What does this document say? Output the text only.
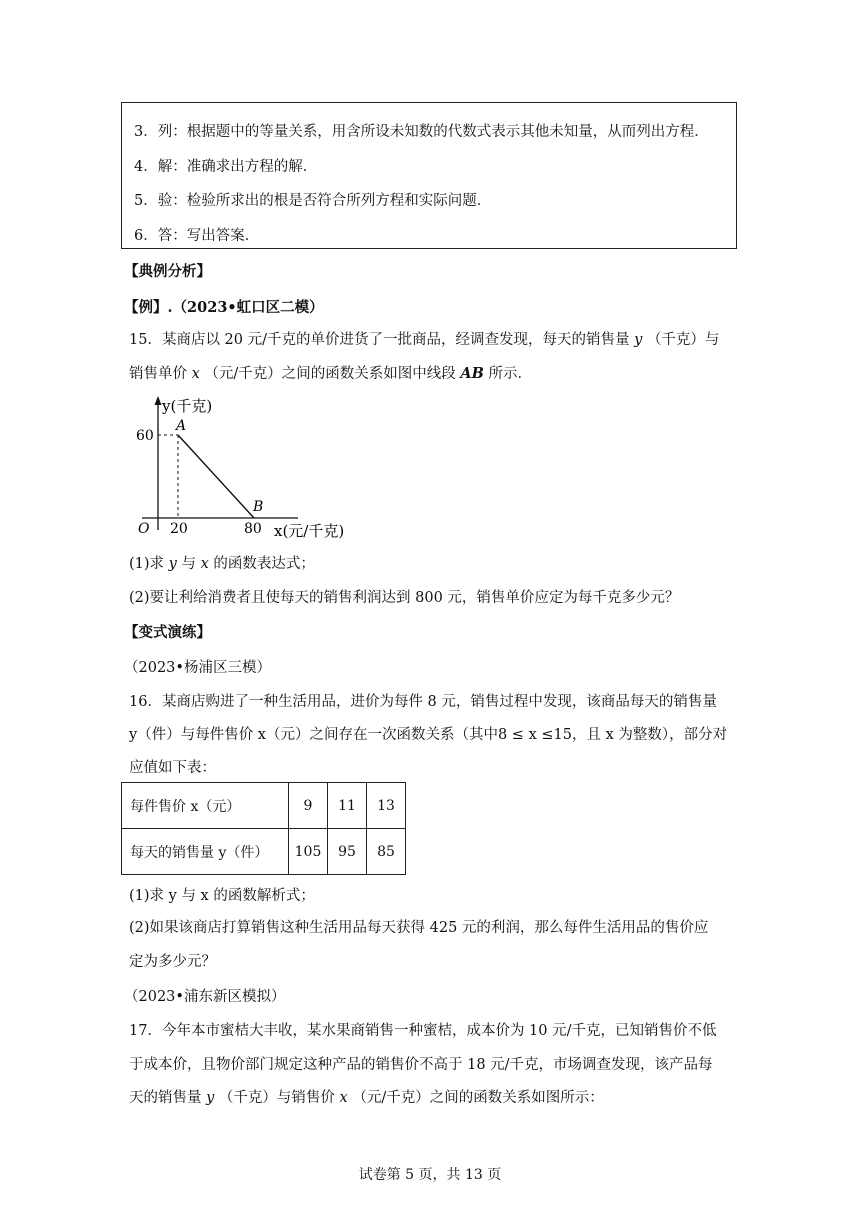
3．列：根据题中的等量关系，用含所设未知数的代数式表示其他未知量，从而列出方程．

4．解：准确求出方程的解．

5．验：检验所求出的根是否符合所列方程和实际问题．

6．答：写出答案．

【典例分析】
【例】.（2023•虹口区二模）
15．某商店以 20 元/千克的单价进货了一批商品，经调查发现，每天的销售量 y （千克）与
销售单价 x （元/千克）之间的函数关系如图中线段 AB 所示．
y(千克)
60
A
B
O 20	80 x(元/千克)
(1)求 y 与 x 的函数表达式；
(2)要让利给消费者且使每天的销售利润达到 800 元，销售单价应定为每千克多少元？
【变式演练】
（2023•杨浦区三模）
16．某商店购进了一种生活用品，进价为每件 8 元，销售过程中发现，该商品每天的销售量
y（件）与每件售价 x（元）之间存在一次函数关系（其中8 ≤ x ≤15，且 x 为整数），部分对
应值如下表：
每件售价 x（元）	9	11	13
每天的销售量 y（件）	105	95	85
(1)求 y 与 x 的函数解析式；
(2)如果该商店打算销售这种生活用品每天获得 425 元的利润，那么每件生活用品的售价应
定为多少元？
（2023•浦东新区模拟）
17．今年本市蜜桔大丰收，某水果商销售一种蜜桔，成本价为 10 元/千克，已知销售价不低
于成本价，且物价部门规定这种产品的销售价不高于 18 元/千克，市场调查发现，该产品每
天的销售量 y （千克）与销售价 x （元/千克）之间的函数关系如图所示：
试卷第 5 页，共 13 页
